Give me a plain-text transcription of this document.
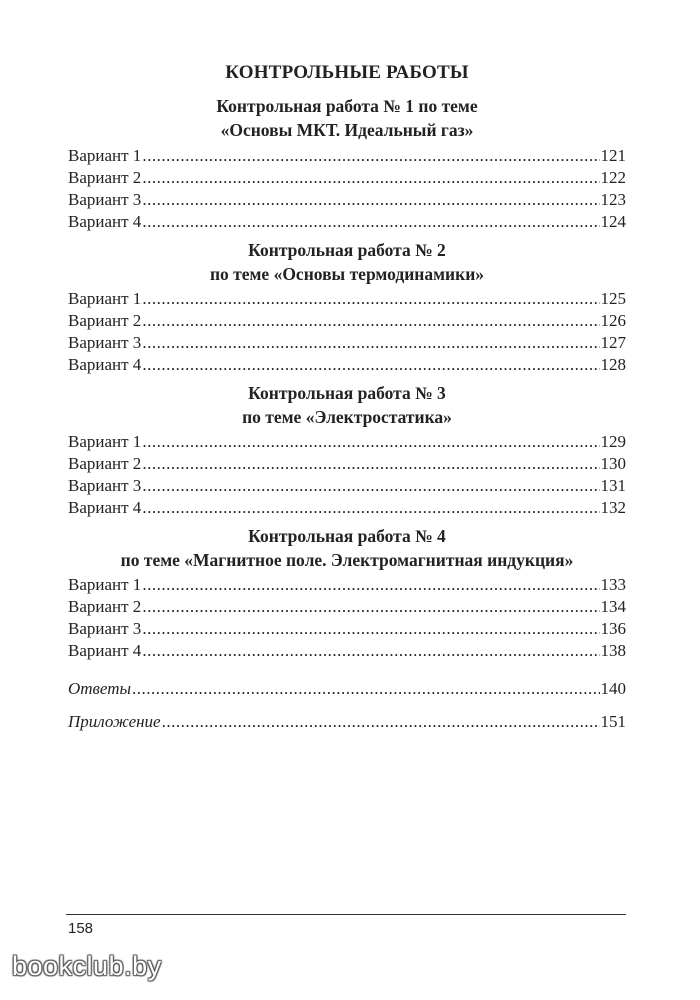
КОНТРОЛЬНЫЕ РАБОТЫ
Контрольная работа № 1 по теме
«Основы МКТ. Идеальный газ»
Вариант 1 .....	121
Вариант 2 .....	122
Вариант 3 .....	123
Вариант 4 .....	124
Контрольная работа № 2
по теме «Основы термодинамики»
Вариант 1 .....	125
Вариант 2 .....	126
Вариант 3 .....	127
Вариант 4 .....	128
Контрольная работа № 3
по теме «Электростатика»
Вариант 1 .....	129
Вариант 2 .....	130
Вариант 3 .....	131
Вариант 4 .....	132
Контрольная работа № 4
по теме «Магнитное поле. Электромагнитная индукция»
Вариант 1 .....	133
Вариант 2 .....	134
Вариант 3 .....	136
Вариант 4 .....	138
Ответы .....	140
Приложение .....	151
158
bookclub.by
